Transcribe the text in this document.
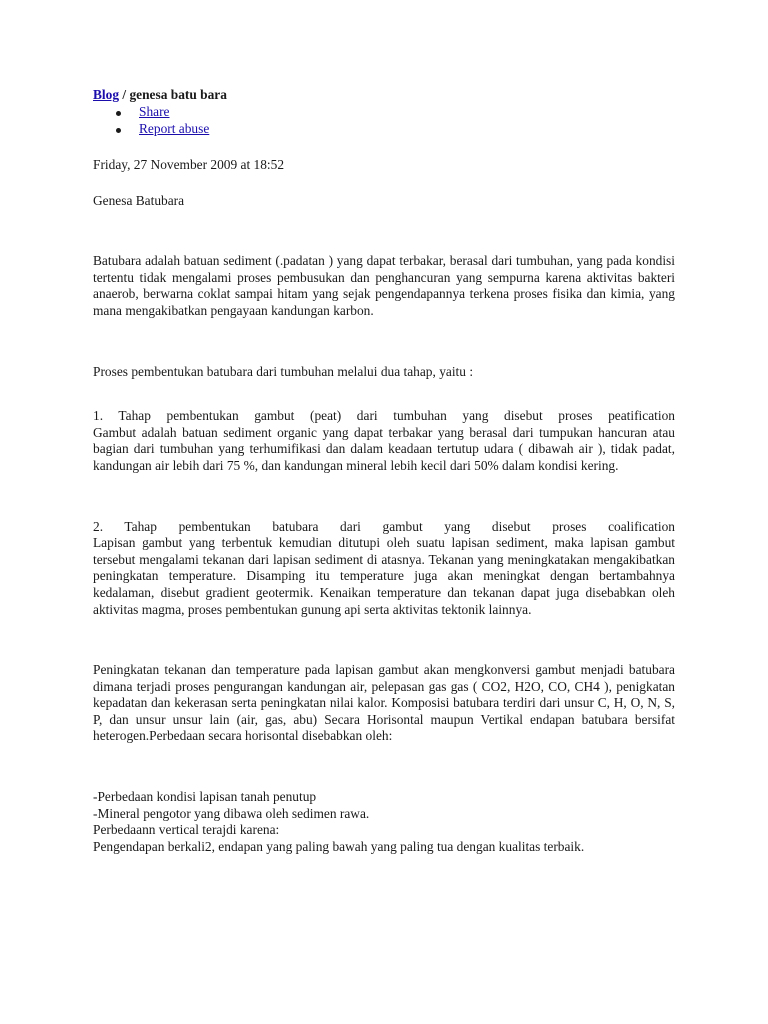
Blog / genesa batu bara
Share
Report abuse
Friday, 27 November 2009 at 18:52
Genesa Batubara
Batubara adalah batuan sediment (.padatan ) yang dapat terbakar, berasal dari tumbuhan, yang pada kondisi tertentu tidak mengalami proses pembusukan dan penghancuran yang sempurna karena aktivitas bakteri anaerob, berwarna coklat sampai hitam yang sejak pengendapannya terkena proses fisika dan kimia, yang mana mengakibatkan pengayaan kandungan karbon.
Proses pembentukan batubara dari tumbuhan melalui dua tahap, yaitu :
1. Tahap pembentukan gambut (peat) dari tumbuhan yang disebut proses peatification
Gambut adalah batuan sediment organic yang dapat terbakar yang berasal dari tumpukan hancuran atau bagian dari tumbuhan yang terhumifikasi dan dalam keadaan tertutup udara ( dibawah air ), tidak padat, kandungan air lebih dari 75 %, dan kandungan mineral lebih kecil dari 50% dalam kondisi kering.
2. Tahap pembentukan batubara dari gambut yang disebut proses coalification
Lapisan gambut yang terbentuk kemudian ditutupi oleh suatu lapisan sediment, maka lapisan gambut tersebut mengalami tekanan dari lapisan sediment di atasnya. Tekanan yang meningkatakan mengakibatkan peningkatan temperature. Disamping itu temperature juga akan meningkat dengan bertambahnya kedalaman, disebut gradient geotermik. Kenaikan temperature dan tekanan dapat juga disebabkan oleh aktivitas magma, proses pembentukan gunung api serta aktivitas tektonik lainnya.
Peningkatan tekanan dan temperature pada lapisan gambut akan mengkonversi gambut menjadi batubara dimana terjadi proses pengurangan kandungan air, pelepasan gas gas ( CO2, H2O, CO, CH4 ), penigkatan kepadatan dan kekerasan serta peningkatan nilai kalor. Komposisi batubara terdiri dari unsur C, H, O, N, S, P, dan unsur unsur lain (air, gas, abu) Secara Horisontal maupun Vertikal endapan batubara bersifat heterogen.Perbedaan secara horisontal disebabkan oleh:
-Perbedaan kondisi lapisan tanah penutup
-Mineral pengotor yang dibawa oleh sedimen rawa.
Perbedaann vertical terajdi karena:
Pengendapan berkali2, endapan yang paling bawah yang paling tua dengan kualitas terbaik.
